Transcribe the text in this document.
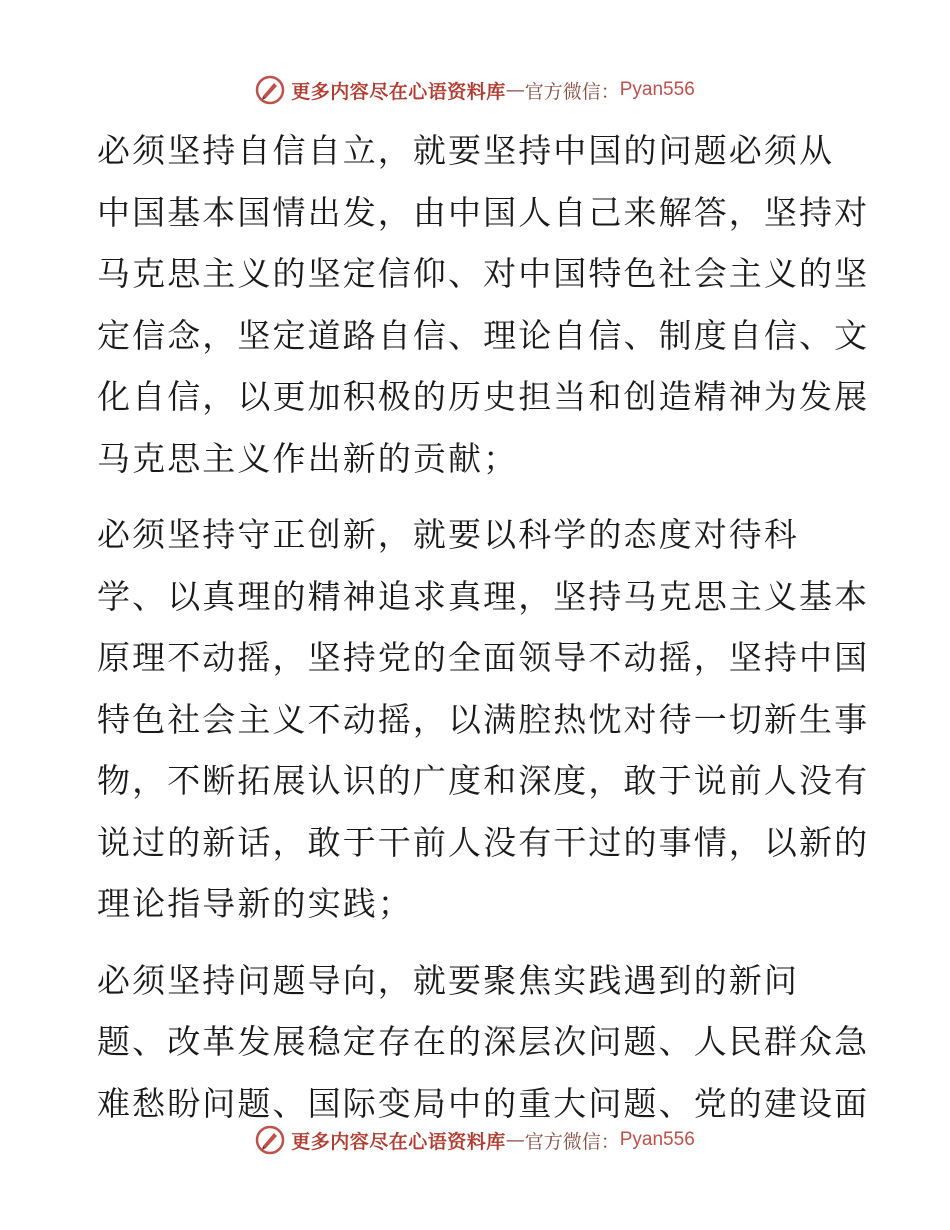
更多内容尽在心语资料库 — 官方微信： Pyan556
必须坚持自信自立，就要坚持中国的问题必须从
中国基本国情出发，由中国人自己来解答，坚持对
马克思主义的坚定信仰、对中国特色社会主义的坚
定信念，坚定道路自信、理论自信、制度自信、文
化自信，以更加积极的历史担当和创造精神为发展
马克思主义作出新的贡献；
必须坚持守正创新，就要以科学的态度对待科
学、以真理的精神追求真理，坚持马克思主义基本
原理不动摇，坚持党的全面领导不动摇，坚持中国
特色社会主义不动摇，以满腔热忱对待一切新生事
物，不断拓展认识的广度和深度，敢于说前人没有
说过的新话，敢于干前人没有干过的事情，以新的
理论指导新的实践；
必须坚持问题导向，就要聚焦实践遇到的新问
题、改革发展稳定存在的深层次问题、人民群众急
难愁盼问题、国际变局中的重大问题、党的建设面
更多内容尽在心语资料库 — 官方微信： Pyan556
